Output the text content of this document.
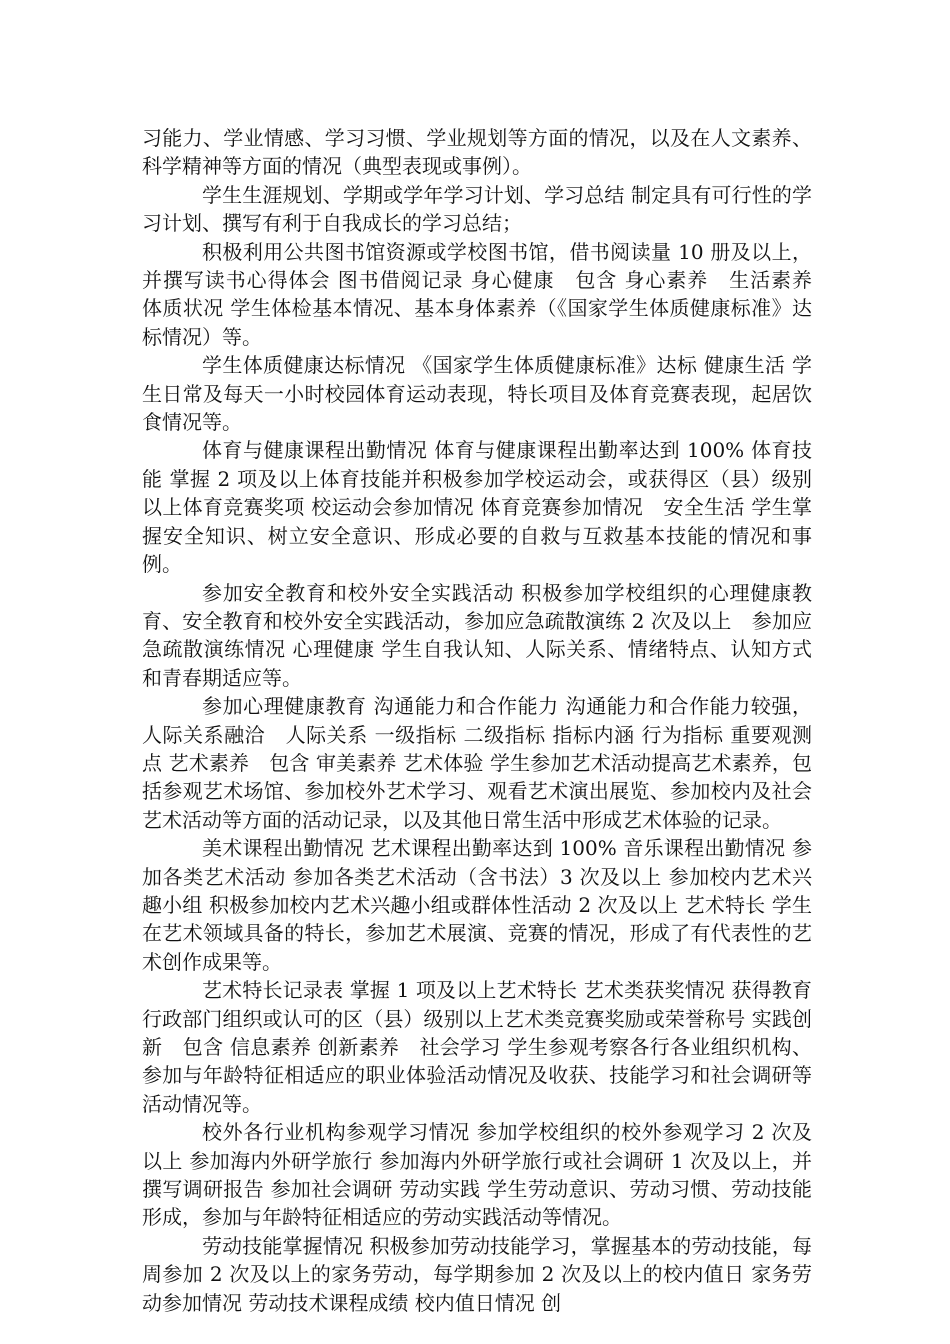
习能力、学业情感、学习习惯、学业规划等方面的情况，以及在人文素养、科学精神等方面的情况（典型表现或事例）。

学生生涯规划、学期或学年学习计划、学习总结 制定具有可行性的学习计划、撰写有利于自我成长的学习总结；

积极利用公共图书馆资源或学校图书馆，借书阅读量 10 册及以上，并撰写读书心得体会 图书借阅记录 身心健康　包含 身心素养　生活素养　体质状况 学生体检基本情况、基本身体素养（《国家学生体质健康标准》达标情况）等。

学生体质健康达标情况 《国家学生体质健康标准》达标 健康生活 学生日常及每天一小时校园体育运动表现，特长项目及体育竞赛表现，起居饮食情况等。

体育与健康课程出勤情况 体育与健康课程出勤率达到 100% 体育技能 掌握 2 项及以上体育技能并积极参加学校运动会，或获得区（县）级别以上体育竞赛奖项 校运动会参加情况 体育竞赛参加情况　安全生活 学生掌握安全知识、树立安全意识、形成必要的自救与互救基本技能的情况和事例。

参加安全教育和校外安全实践活动 积极参加学校组织的心理健康教育、安全教育和校外安全实践活动，参加应急疏散演练 2 次及以上　参加应急疏散演练情况 心理健康 学生自我认知、人际关系、情绪特点、认知方式和青春期适应等。

参加心理健康教育 沟通能力和合作能力 沟通能力和合作能力较强，人际关系融洽　人际关系 一级指标 二级指标 指标内涵 行为指标 重要观测点 艺术素养　包含 审美素养 艺术体验 学生参加艺术活动提高艺术素养，包括参观艺术场馆、参加校外艺术学习、观看艺术演出展览、参加校内及社会艺术活动等方面的活动记录，以及其他日常生活中形成艺术体验的记录。

美术课程出勤情况 艺术课程出勤率达到 100% 音乐课程出勤情况 参加各类艺术活动 参加各类艺术活动（含书法）3 次及以上 参加校内艺术兴趣小组 积极参加校内艺术兴趣小组或群体性活动 2 次及以上 艺术特长 学生在艺术领域具备的特长，参加艺术展演、竞赛的情况，形成了有代表性的艺术创作成果等。

艺术特长记录表 掌握 1 项及以上艺术特长 艺术类获奖情况 获得教育行政部门组织或认可的区（县）级别以上艺术类竞赛奖励或荣誉称号 实践创新　包含 信息素养 创新素养　社会学习 学生参观考察各行各业组织机构、参加与年龄特征相适应的职业体验活动情况及收获、技能学习和社会调研等活动情况等。

校外各行业机构参观学习情况 参加学校组织的校外参观学习 2 次及以上 参加海内外研学旅行 参加海内外研学旅行或社会调研 1 次及以上，并撰写调研报告 参加社会调研 劳动实践 学生劳动意识、劳动习惯、劳动技能形成，参加与年龄特征相适应的劳动实践活动等情况。

劳动技能掌握情况 积极参加劳动技能学习，掌握基本的劳动技能，每周参加 2 次及以上的家务劳动，每学期参加 2 次及以上的校内值日 家务劳动参加情况 劳动技术课程成绩 校内值日情况 创
